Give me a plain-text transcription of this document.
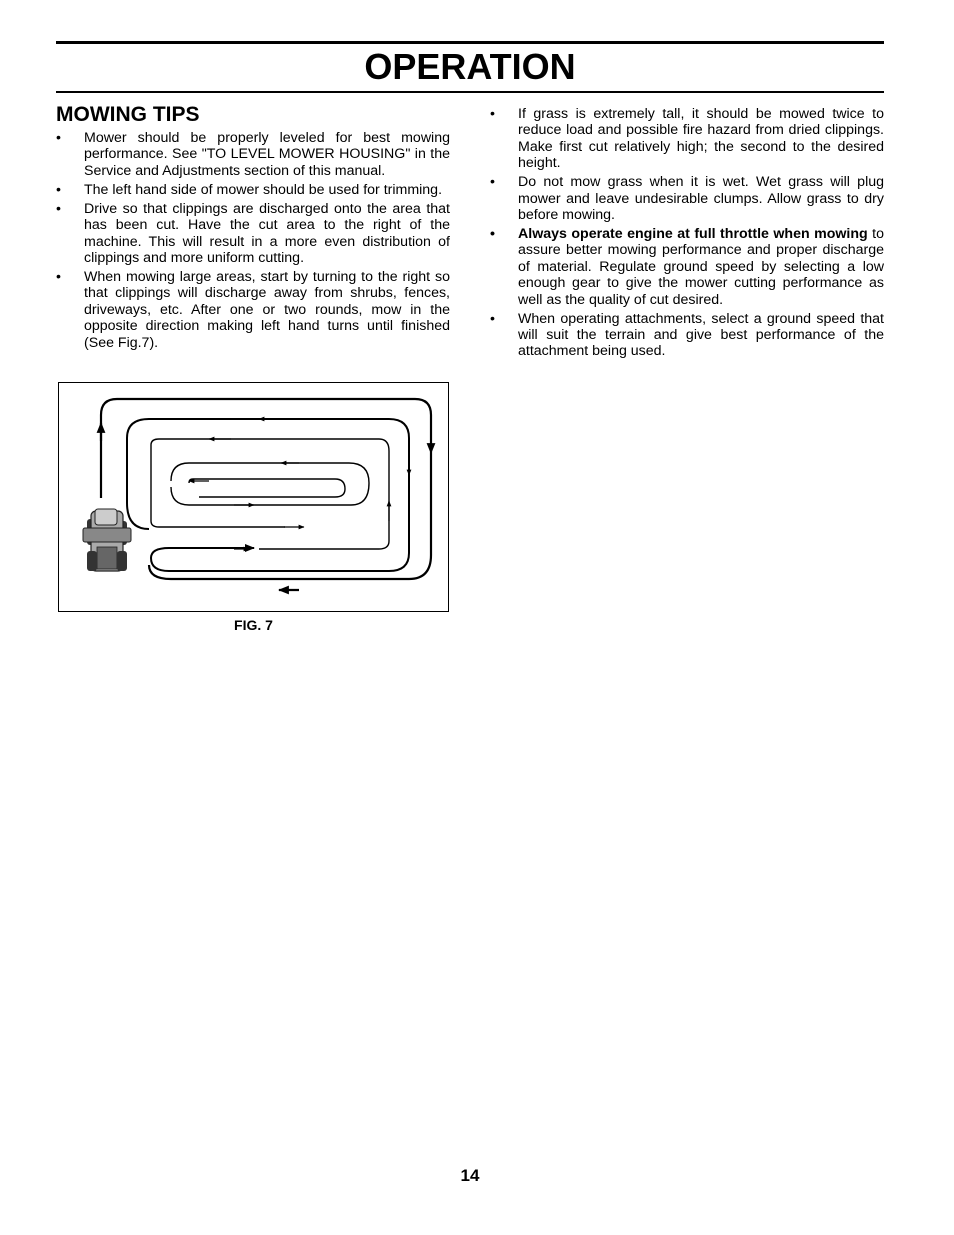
OPERATION
MOWING TIPS
• Mower should be properly leveled for best mowing performance. See "TO LEVEL MOWER HOUSING" in the Service and Adjustments section of this manual.
• The left hand side of mower should be used for trimming.
• Drive so that clippings are discharged onto the area that has been cut. Have the cut area to the right of the machine. This will result in a more even distribution of clippings and more uniform cutting.
• When mowing large areas, start by turning to the right so that clippings will discharge away from shrubs, fences, driveways, etc. After one or two rounds, mow in the opposite direction making left hand turns until finished (See Fig.7).
• If grass is extremely tall, it should be mowed twice to reduce load and possible fire hazard from dried clippings. Make first cut relatively high; the second to the desired height.
• Do not mow grass when it is wet. Wet grass will plug mower and leave undesirable clumps. Allow grass to dry before mowing.
• Always operate engine at full throttle when mowing to assure better mowing performance and proper discharge of material. Regulate ground speed by selecting a low enough gear to give the mower cutting performance as well as the quality of cut desired.
• When operating attachments, select a ground speed that will suit the terrain and give best performance of the attachment being used.
FIG. 7
14
